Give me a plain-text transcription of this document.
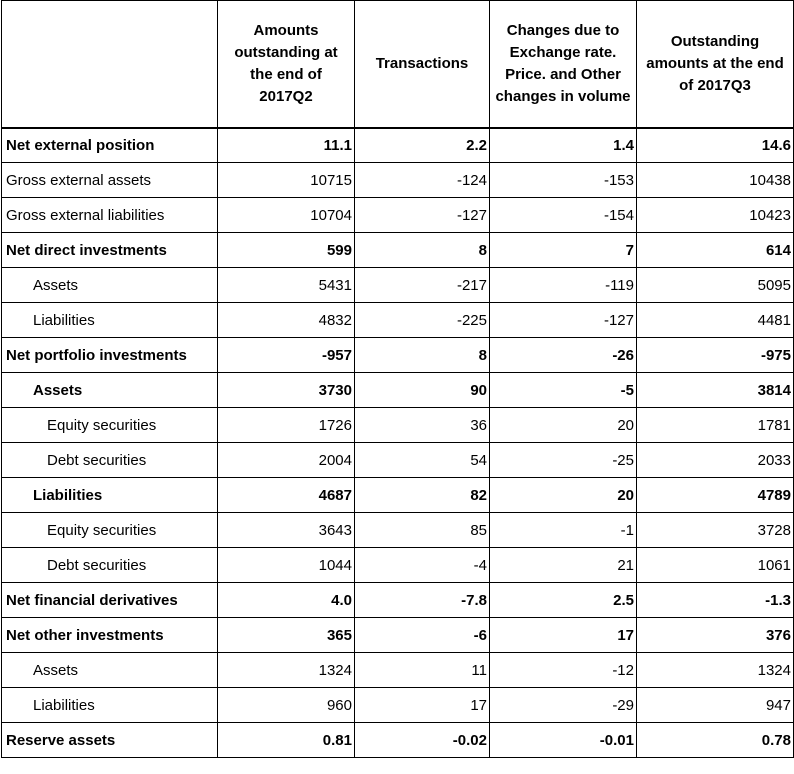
	Amounts outstanding at the end of 2017Q2	Transactions	Changes due to Exchange rate. Price. and Other changes in volume	Outstanding amounts at the end of 2017Q3
Net external position	11.1	2.2	1.4	14.6
Gross external assets	10715	-124	-153	10438
Gross external liabilities	10704	-127	-154	10423
Net direct investments	599	8	7	614
Assets	5431	-217	-119	5095
Liabilities	4832	-225	-127	4481
Net portfolio investments	-957	8	-26	-975
Assets	3730	90	-5	3814
Equity securities	1726	36	20	1781
Debt securities	2004	54	-25	2033
Liabilities	4687	82	20	4789
Equity securities	3643	85	-1	3728
Debt securities	1044	-4	21	1061
Net financial derivatives	4.0	-7.8	2.5	-1.3
Net other investments	365	-6	17	376
Assets	1324	11	-12	1324
Liabilities	960	17	-29	947
Reserve assets	0.81	-0.02	-0.01	0.78
